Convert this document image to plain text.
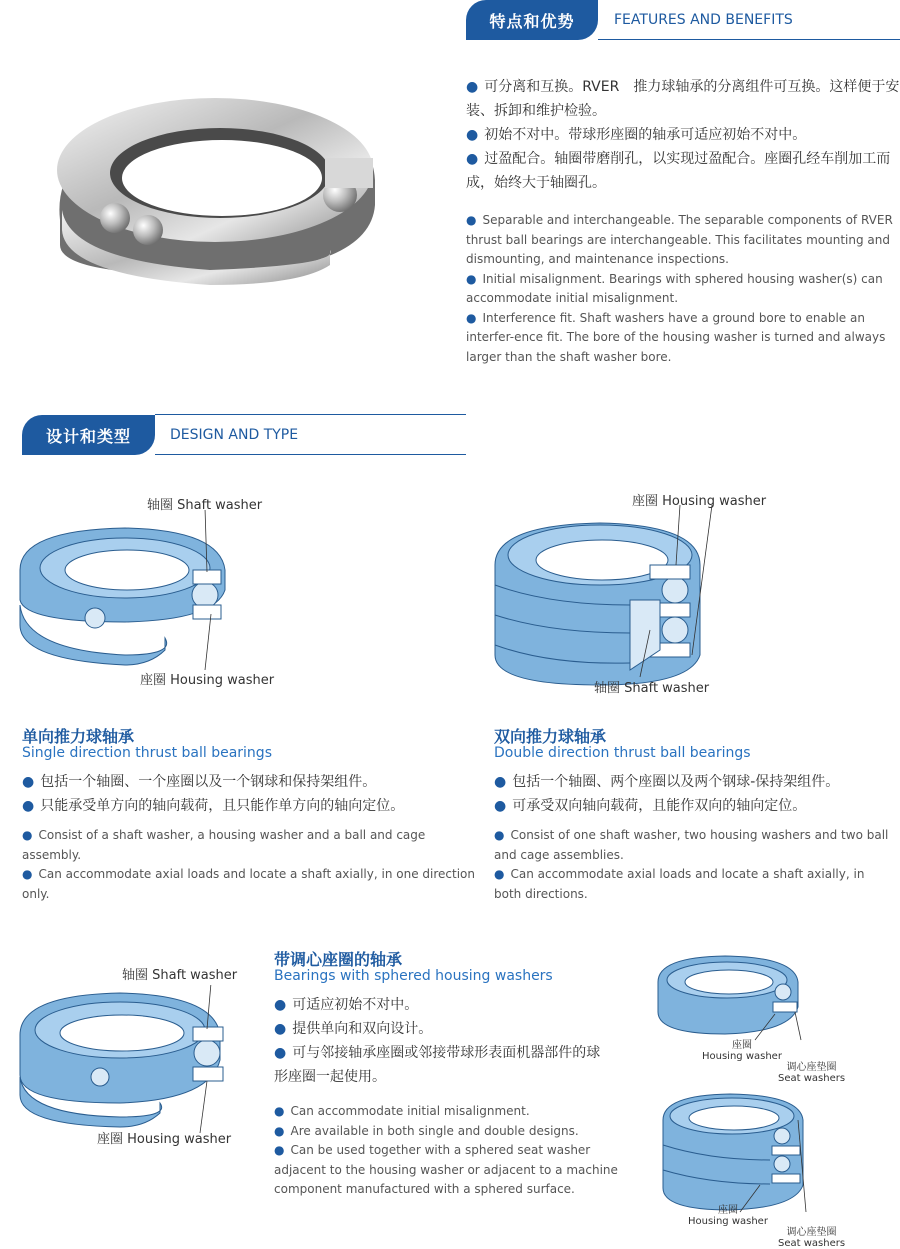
特点和优势	FEATURES AND BENEFITS
● 可分离和互换。RVER　推力球轴承的分离组件可互换。这样便于安装、拆卸和维护检验。
● 初始不对中。带球形座圈的轴承可适应初始不对中。
● 过盈配合。轴圈带磨削孔，以实现过盈配合。座圈孔经车削加工而成，始终大于轴圈孔。
● Separable and interchangeable. The separable components of RVER thrust ball bearings are interchangeable. This facilitates mounting and dismounting, and maintenance inspections.
● Initial misalignment. Bearings with sphered housing washer(s) can accommodate initial misalignment.
● Interference fit. Shaft washers have a ground bore to enable an interfer-ence fit. The bore of the housing washer is turned and always larger than the shaft washer bore.
设计和类型	DESIGN AND TYPE
轴圈 Shaft washer
座圈 Housing washer
座圈 Housing washer
轴圈 Shaft washer
单向推力球轴承
Single direction thrust ball bearings
● 包括一个轴圈、一个座圈以及一个钢球和保持架组件。
● 只能承受单方向的轴向载荷，且只能作单方向的轴向定位。
● Consist of a shaft washer, a housing washer and a ball and cage assembly.
● Can accommodate axial loads and locate a shaft axially, in one direction only.
双向推力球轴承
Double direction thrust ball bearings
● 包括一个轴圈、两个座圈以及两个钢球-保持架组件。
● 可承受双向轴向载荷，且能作双向的轴向定位。
● Consist of one shaft washer, two housing washers and two ball and cage assemblies.
● Can accommodate axial loads and locate a shaft axially, in both directions.
轴圈 Shaft washer
座圈 Housing washer
带调心座圈的轴承
Bearings with sphered housing washers
● 可适应初始不对中。
● 提供单向和双向设计。
● 可与邻接轴承座圈或邻接带球形表面机器部件的球形座圈一起使用。
● Can accommodate initial misalignment.
● Are available in both single and double designs.
● Can be used together with a sphered seat washer adjacent to the housing washer or adjacent to a machine component manufactured with a sphered surface.
座圈
Housing washer
调心座垫圈
Seat washers
座圈
Housing washer
调心座垫圈
Seat washers
